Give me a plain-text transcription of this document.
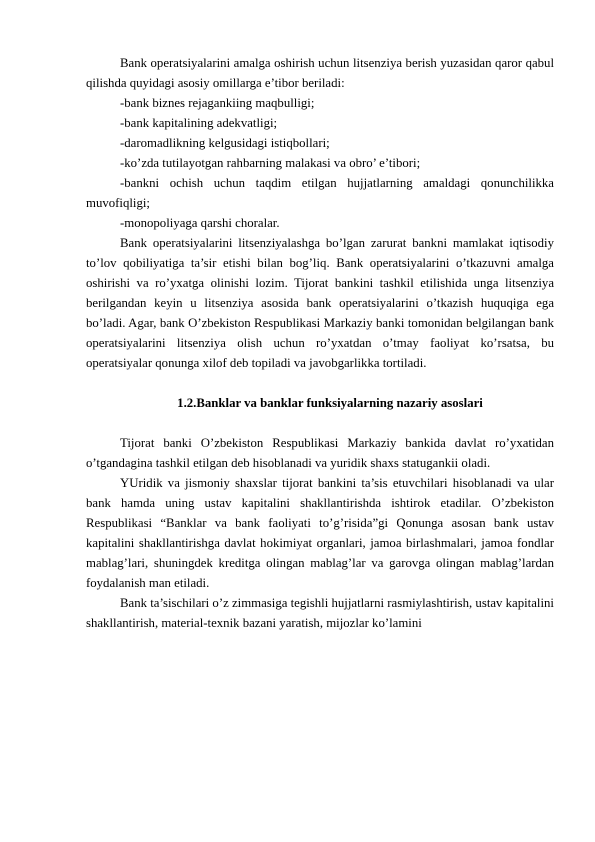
Bank operatsiyalarini amalga oshirish uchun litsenziya berish yuzasidan qaror qabul qilishda quyidagi asosiy omillarga e’tibor beriladi:

-bank biznes rejagankiing maqbulligi;

-bank kapitalining adekvatligi;

-daromadlikning kelgusidagi istiqbollari;

-ko’zda tutilayotgan rahbarning malakasi va obro’ e’tibori;

-bankni ochish uchun taqdim etilgan hujjatlarning amaldagi qonunchilikka muvofiqligi;

-monopoliyaga qarshi choralar.

Bank operatsiyalarini litsenziyalashga bo’lgan zarurat bankni mamlakat iqtisodiy to’lov qobiliyatiga ta’sir etishi bilan bog’liq. Bank operatsiyalarini o’tkazuvni amalga oshirishi va ro’yxatga olinishi lozim. Tijorat bankini tashkil etilishida unga litsenziya berilgandan keyin u litsenziya asosida bank operatsiyalarini o’tkazish huquqiga ega bo’ladi. Agar, bank O’zbekiston Respublikasi Markaziy banki tomonidan belgilangan bank operatsiyalarini litsenziya olish uchun ro’yxatdan o’tmay faoliyat ko’rsatsa, bu operatsiyalar qonunga xilof deb topiladi va javobgarlikka tortiladi.

1.2.Banklar va banklar funksiyalarning nazariy asoslari

Tijorat banki O’zbekiston Respublikasi Markaziy bankida davlat ro’yxatidan o’tgandagina tashkil etilgan deb hisoblanadi va yuridik shaxs statugankii oladi.

YUridik va jismoniy shaxslar tijorat bankini ta’sis etuvchilari hisoblanadi va ular bank hamda uning ustav kapitalini shakllantirishda ishtirok etadilar. O’zbekiston Respublikasi “Banklar va bank faoliyati to’g’risida”gi Qonunga asosan bank ustav kapitalini shakllantirishga davlat hokimiyat organlari, jamoa birlashmalari, jamoa fondlar mablag’lari, shuningdek kreditga olingan mablag’lar va garovga olingan mablag’lardan foydalanish man etiladi.

Bank ta’sischilari o’z zimmasiga tegishli hujjatlarni rasmiylashtirish, ustav kapitalini shakllantirish, material-texnik bazani yaratish, mijozlar ko’lamini
